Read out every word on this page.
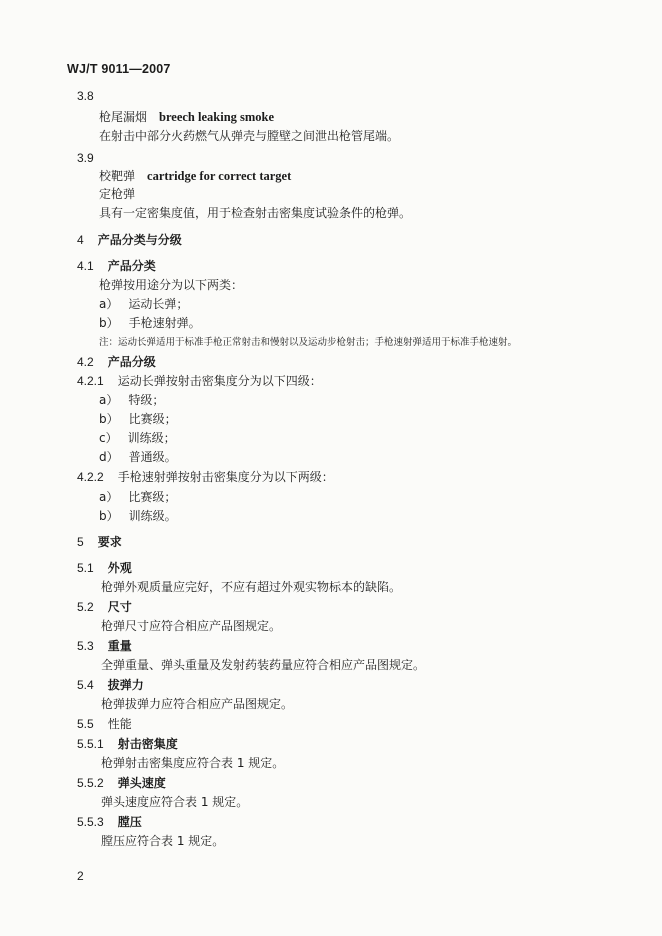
WJ/T 9011—2007
3.8
枪尾漏烟 breech leaking smoke
在射击中部分火药燃气从弹壳与膛壁之间泄出枪管尾端。
3.9
校靶弹 cartridge for correct target
定枪弹
具有一定密集度值，用于检查射击密集度试验条件的枪弹。
4 产品分类与分级
4.1 产品分类
枪弹按用途分为以下两类：
a） 运动长弹；
b） 手枪速射弹。
注：运动长弹适用于标准手枪正常射击和慢射以及运动步枪射击；手枪速射弹适用于标准手枪速射。
4.2 产品分级
4.2.1 运动长弹按射击密集度分为以下四级：
a） 特级；
b） 比赛级；
c） 训练级；
d） 普通级。
4.2.2 手枪速射弹按射击密集度分为以下两级：
a） 比赛级；
b） 训练级。
5 要求
5.1 外观
枪弹外观质量应完好，不应有超过外观实物标本的缺陷。
5.2 尺寸
枪弹尺寸应符合相应产品图规定。
5.3 重量
全弹重量、弹头重量及发射药装药量应符合相应产品图规定。
5.4 拔弹力
枪弹拔弹力应符合相应产品图规定。
5.5 性能
5.5.1 射击密集度
枪弹射击密集度应符合表 1 规定。
5.5.2 弹头速度
弹头速度应符合表 1 规定。
5.5.3 膛压
膛压应符合表 1 规定。
2
